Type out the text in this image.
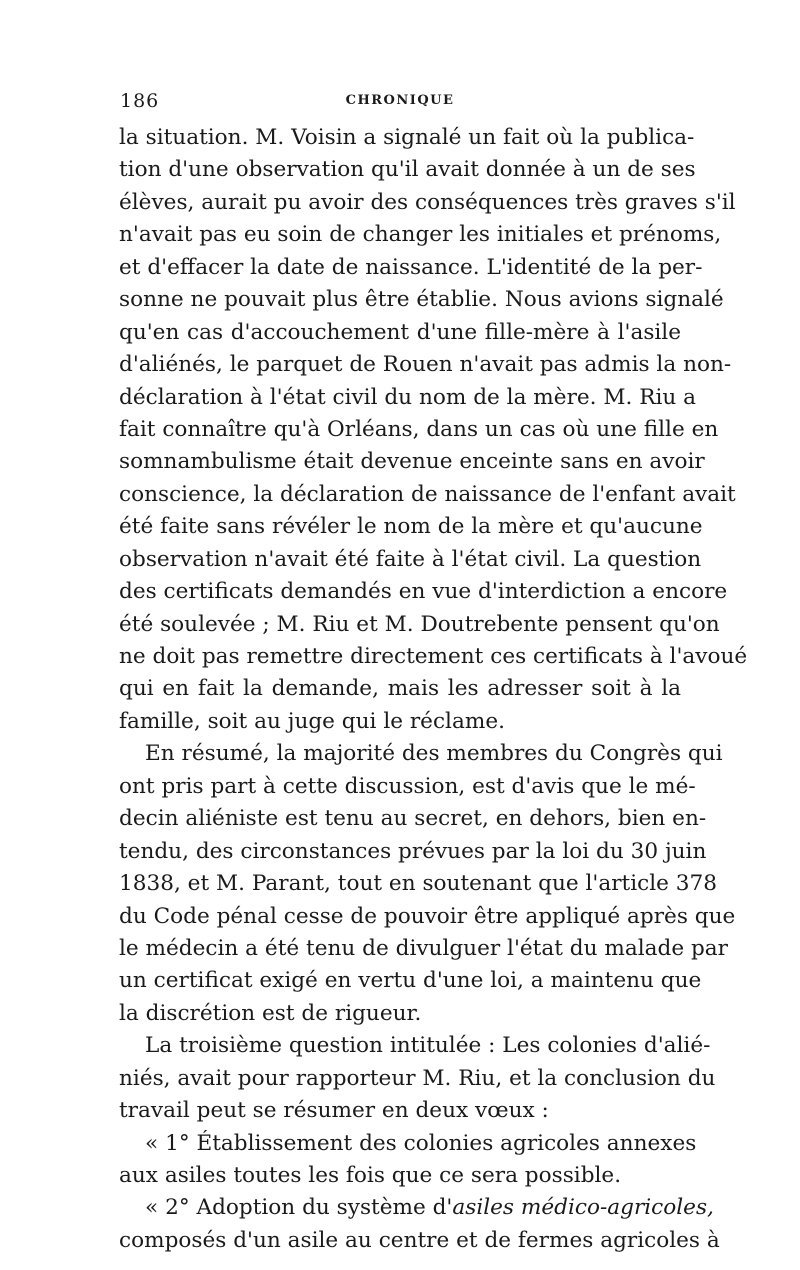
186	CHRONIQUE
la situation. M. Voisin a signalé un fait où la publica-
tion d'une observation qu'il avait donnée à un de ses
élèves, aurait pu avoir des conséquences très graves s'il
n'avait pas eu soin de changer les initiales et prénoms,
et d'effacer la date de naissance. L'identité de la per-
sonne ne pouvait plus être établie. Nous avions signalé
qu'en cas d'accouchement d'une fille-mère à l'asile
d'aliénés, le parquet de Rouen n'avait pas admis la non-
déclaration à l'état civil du nom de la mère. M. Riu a
fait connaître qu'à Orléans, dans un cas où une fille en
somnambulisme était devenue enceinte sans en avoir
conscience, la déclaration de naissance de l'enfant avait
été faite sans révéler le nom de la mère et qu'aucune
observation n'avait été faite à l'état civil. La question
des certificats demandés en vue d'interdiction a encore
été soulevée ; M. Riu et M. Doutrebente pensent qu'on
ne doit pas remettre directement ces certificats à l'avoué
qui en fait la demande, mais les adresser soit à la
famille, soit au juge qui le réclame.
En résumé, la majorité des membres du Congrès qui
ont pris part à cette discussion, est d'avis que le mé-
decin aliéniste est tenu au secret, en dehors, bien en-
tendu, des circonstances prévues par la loi du 30 juin
1838, et M. Parant, tout en soutenant que l'article 378
du Code pénal cesse de pouvoir être appliqué après que
le médecin a été tenu de divulguer l'état du malade par
un certificat exigé en vertu d'une loi, a maintenu que
la discrétion est de rigueur.
La troisième question intitulée : Les colonies d'alié-
niés, avait pour rapporteur M. Riu, et la conclusion du
travail peut se résumer en deux vœux :
« 1° Établissement des colonies agricoles annexes
aux asiles toutes les fois que ce sera possible.
« 2° Adoption du système d'asiles médico-agricoles,
composés d'un asile au centre et de fermes agricoles à
